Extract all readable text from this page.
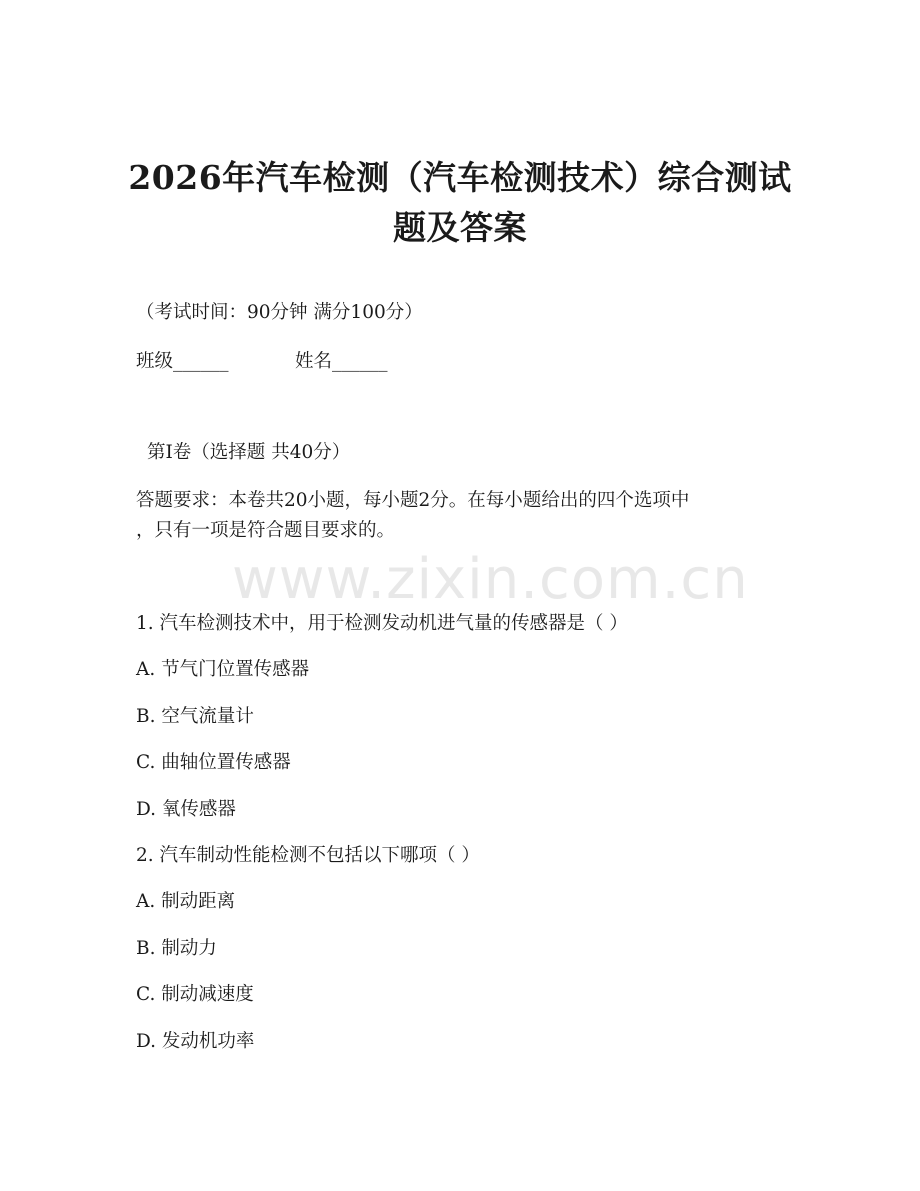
2026年汽车检测（汽车检测技术）综合测试
题及答案
（考试时间：90分钟 满分100分）
班级______	姓名______
第I卷（选择题 共40分）
答题要求：本卷共20小题，每小题2分。在每小题给出的四个选项中
，只有一项是符合题目要求的。
www.zixin.com.cn
1. 汽车检测技术中，用于检测发动机进气量的传感器是（ ）
A. 节气门位置传感器
B. 空气流量计
C. 曲轴位置传感器
D. 氧传感器
2. 汽车制动性能检测不包括以下哪项（ ）
A. 制动距离
B. 制动力
C. 制动减速度
D. 发动机功率
